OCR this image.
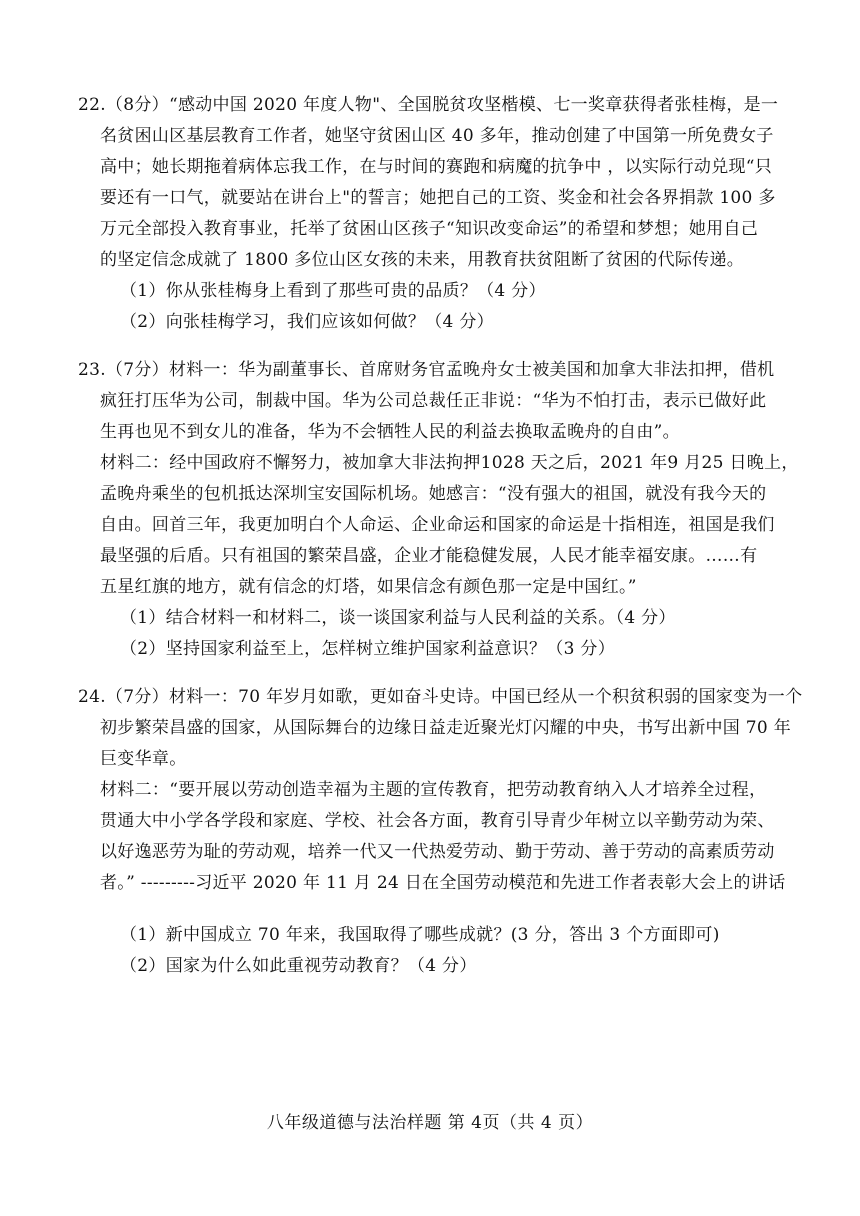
22.（8分）“感动中国 2020 年度人物"、全国脱贫攻坚楷模、七一奖章获得者张桂梅，是一
名贫困山区基层教育工作者，她坚守贫困山区 40 多年，推动创建了中国第一所免费女子
高中；她长期拖着病体忘我工作，在与时间的赛跑和病魔的抗争中 ，以实际行动兑现“只
要还有一口气，就要站在讲台上"的誓言；她把自己的工资、奖金和社会各界捐款 100 多
万元全部投入教育事业，托举了贫困山区孩子“知识改变命运”的希望和梦想；她用自己
的坚定信念成就了 1800 多位山区女孩的未来，用教育扶贫阻断了贫困的代际传递。
（1）你从张桂梅身上看到了那些可贵的品质？（4 分）
（2）向张桂梅学习，我们应该如何做？（4 分）
23.（7分）材料一：华为副董事长、首席财务官孟晚舟女士被美国和加拿大非法扣押，借机
疯狂打压华为公司，制裁中国。华为公司总裁任正非说：“华为不怕打击，表示已做好此
生再也见不到女儿的准备，华为不会牺牲人民的利益去换取孟晚舟的自由”。
材料二：经中国政府不懈努力，被加拿大非法拘押1028 天之后，2021 年9 月25 日晚上，
孟晚舟乘坐的包机抵达深圳宝安国际机场。她感言：“没有强大的祖国，就没有我今天的
自由。回首三年，我更加明白个人命运、企业命运和国家的命运是十指相连，祖国是我们
最坚强的后盾。只有祖国的繁荣昌盛，企业才能稳健发展，人民才能幸福安康。……有
五星红旗的地方，就有信念的灯塔，如果信念有颜色那一定是中国红。”
（1）结合材料一和材料二，谈一谈国家利益与人民利益的关系。（4 分）
（2）坚持国家利益至上，怎样树立维护国家利益意识？（3 分）
24.（7分）材料一：70 年岁月如歌，更如奋斗史诗。中国已经从一个积贫积弱的国家变为一个
初步繁荣昌盛的国家，从国际舞台的边缘日益走近聚光灯闪耀的中央，书写出新中国 70 年
巨变华章。
材料二：“要开展以劳动创造幸福为主题的宣传教育，把劳动教育纳入人才培养全过程，
贯通大中小学各学段和家庭、学校、社会各方面，教育引导青少年树立以辛勤劳动为荣、
以好逸恶劳为耻的劳动观，培养一代又一代热爱劳动、勤于劳动、善于劳动的高素质劳动
者。” ---------习近平 2020 年 11 月 24 日在全国劳动模范和先进工作者表彰大会上的讲话
（1）新中国成立 70 年来，我国取得了哪些成就？(3 分，答出 3 个方面即可)
（2）国家为什么如此重视劳动教育？（4 分）
八年级道德与法治样题 第 4页（共 4 页）
